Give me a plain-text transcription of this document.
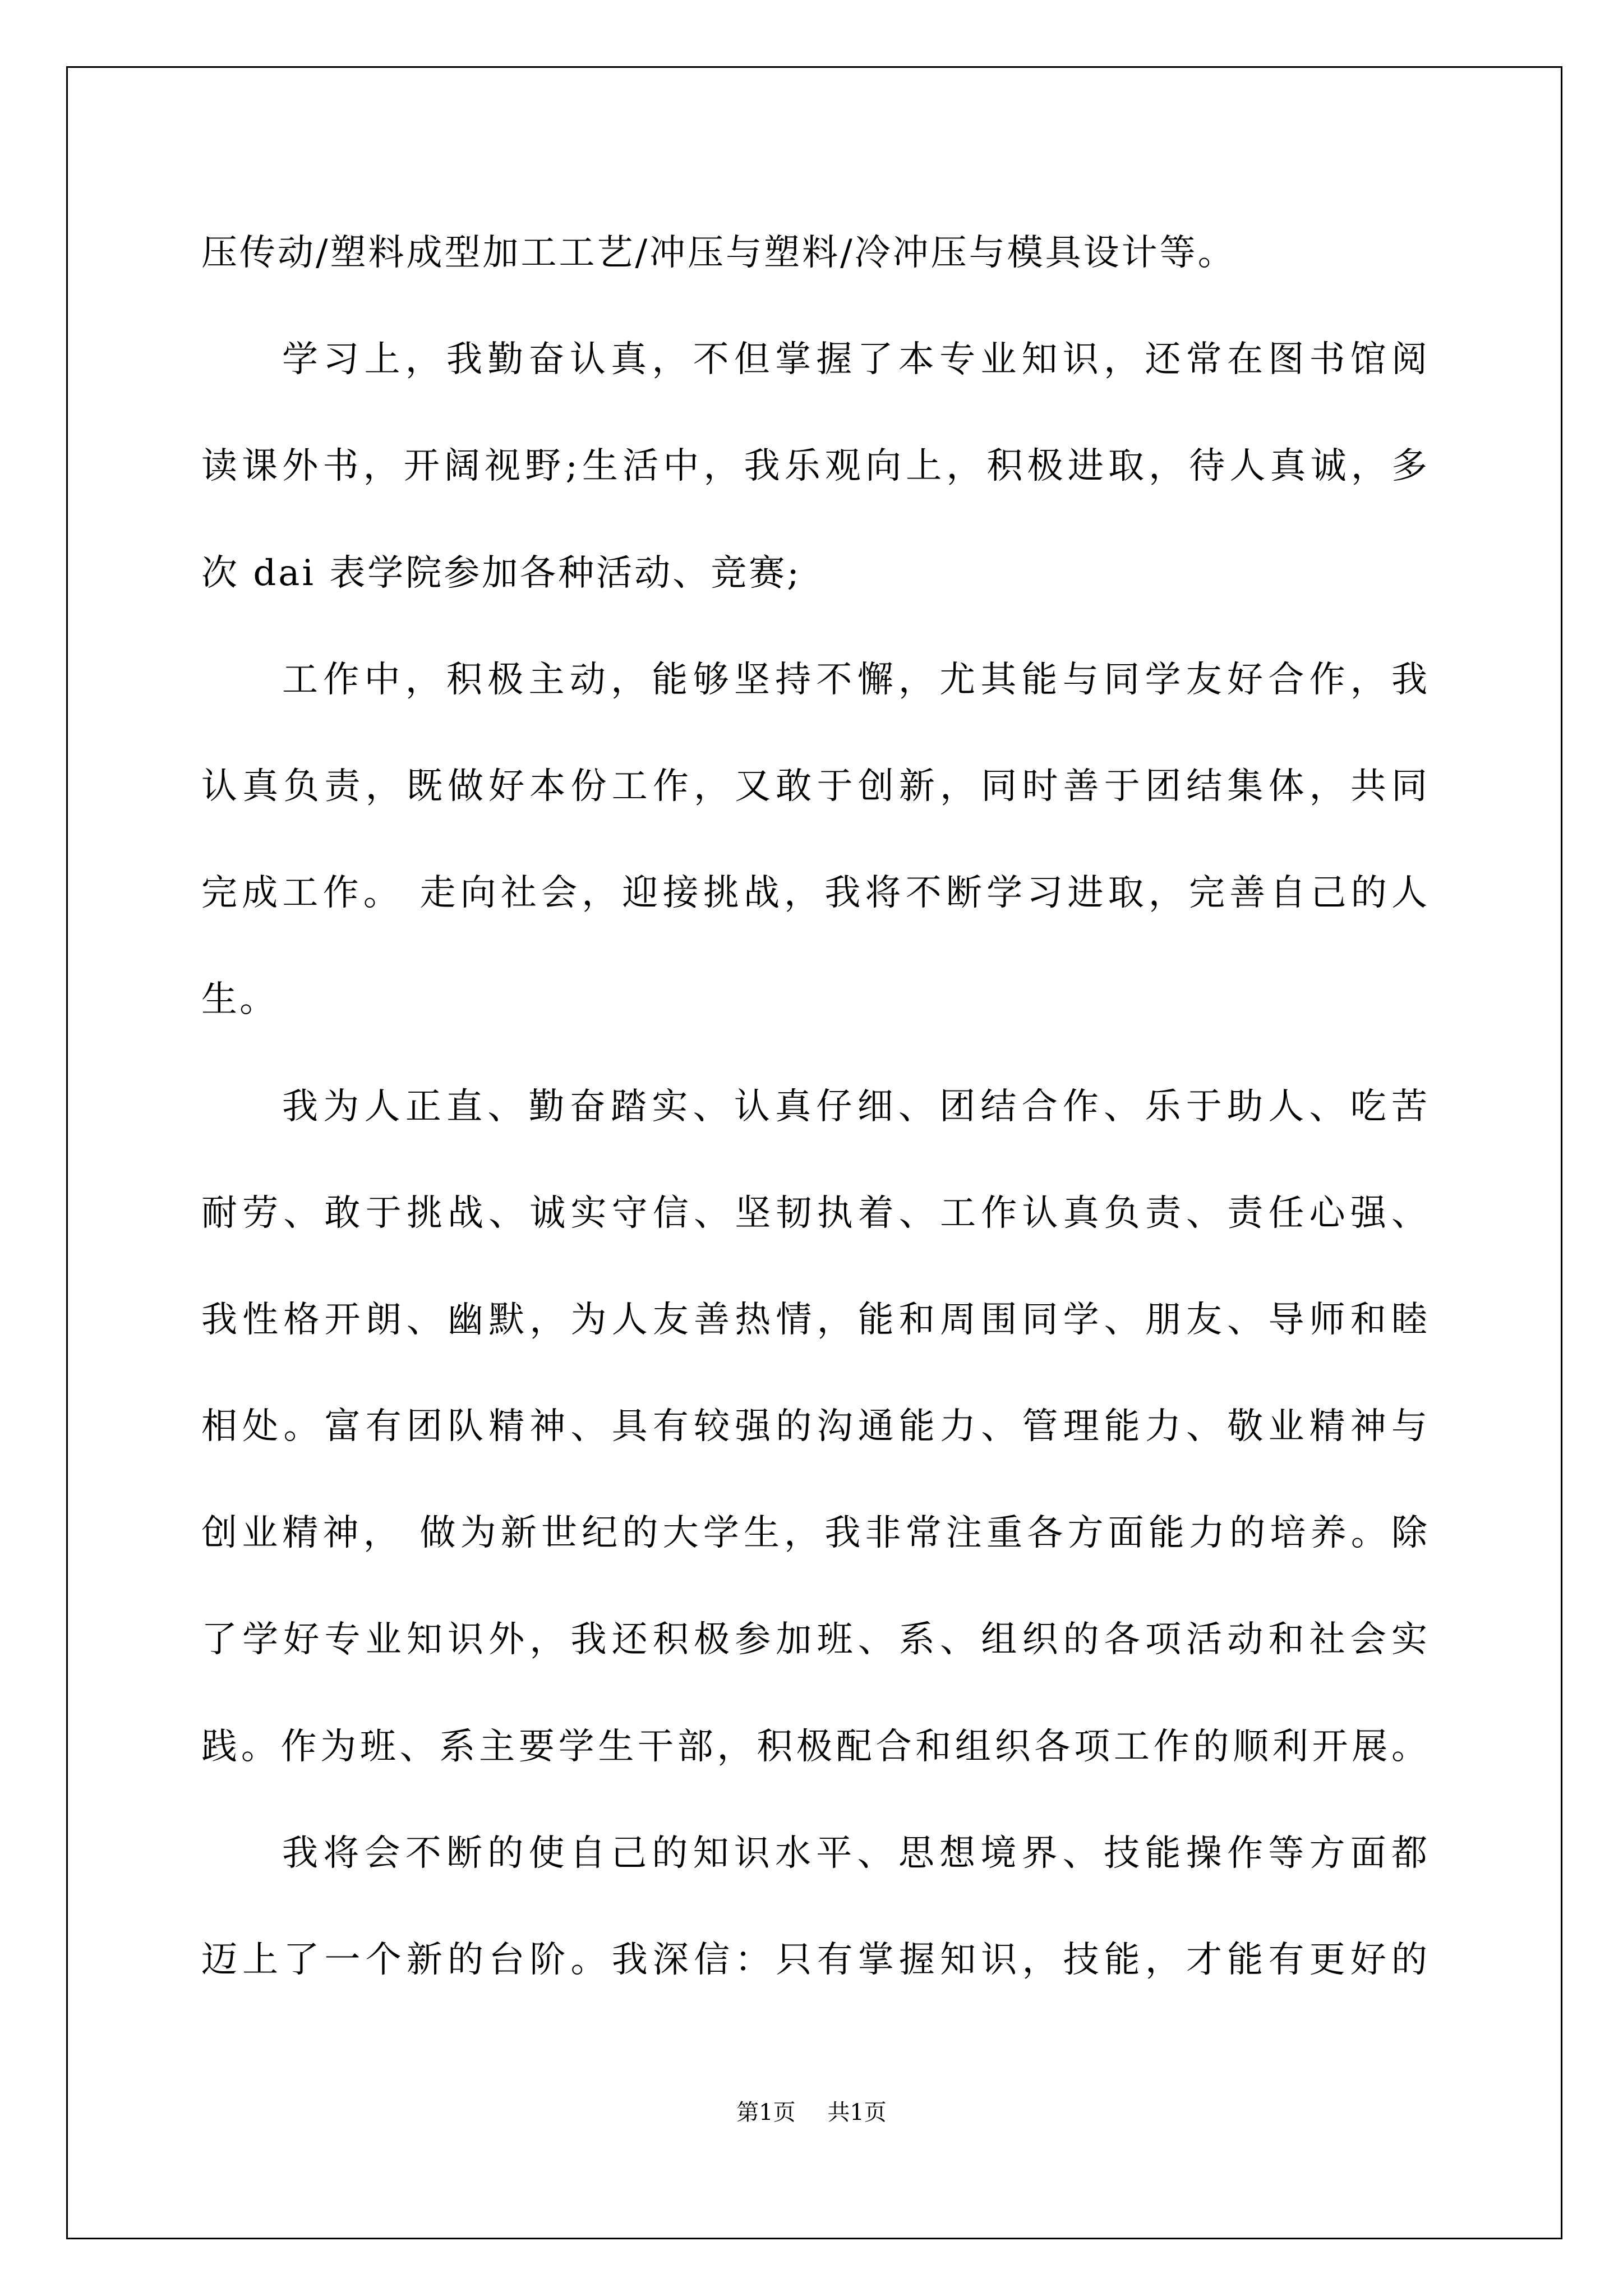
压传动/塑料成型加工工艺/冲压与塑料/冷冲压与模具设计等。
学习上，我勤奋认真，不但掌握了本专业知识，还常在图书馆阅
读课外书，开阔视野;生活中，我乐观向上，积极进取，待人真诚，多
次 dai 表学院参加各种活动、竞赛;
工作中，积极主动，能够坚持不懈，尤其能与同学友好合作，我
认真负责，既做好本份工作，又敢于创新，同时善于团结集体，共同
完成工作。 走向社会，迎接挑战，我将不断学习进取，完善自己的人
生。
我为人正直、勤奋踏实、认真仔细、团结合作、乐于助人、吃苦
耐劳、敢于挑战、诚实守信、坚韧执着、工作认真负责、责任心强、
我性格开朗、幽默，为人友善热情，能和周围同学、朋友、导师和睦
相处。富有团队精神、具有较强的沟通能力、管理能力、敬业精神与
创业精神， 做为新世纪的大学生，我非常注重各方面能力的培养。除
了学好专业知识外，我还积极参加班、系、组织的各项活动和社会实
践。作为班、系主要学生干部，积极配合和组织各项工作的顺利开展。
我将会不断的使自己的知识水平、思想境界、技能操作等方面都
迈上了一个新的台阶。我深信：只有掌握知识，技能，才能有更好的
第1页 共1页
